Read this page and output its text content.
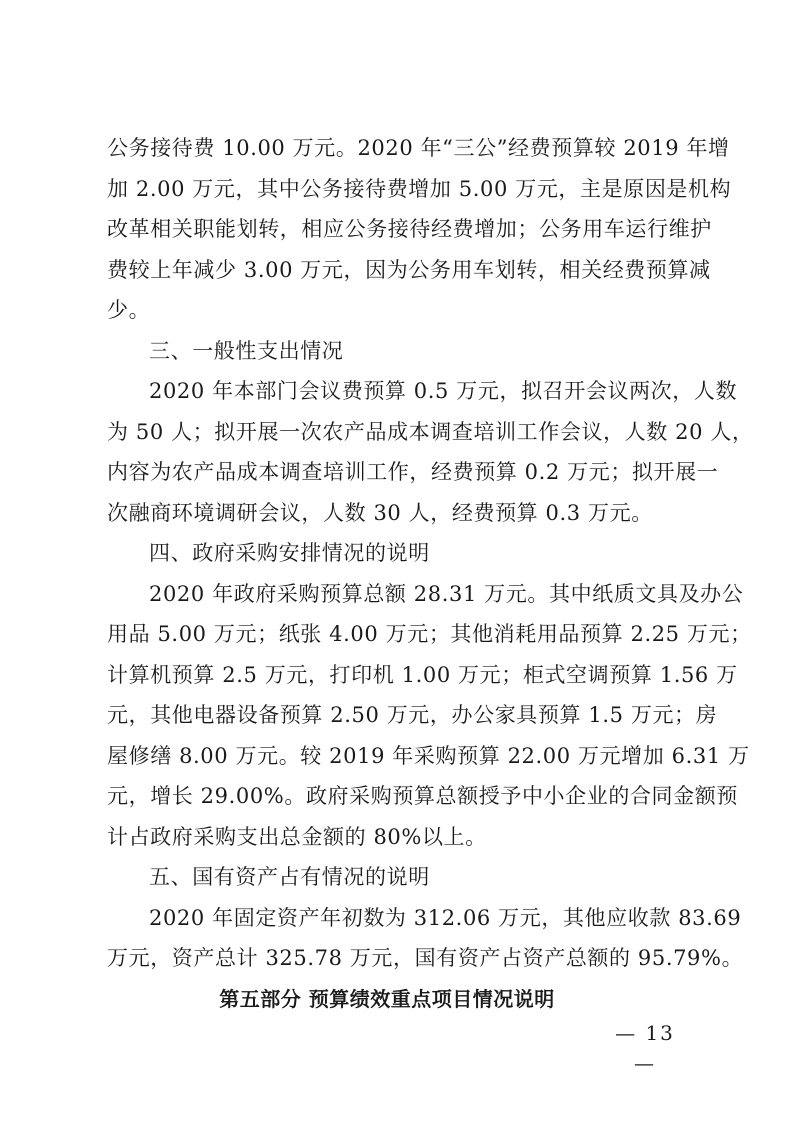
公务接待费 10.00 万元。2020 年“三公”经费预算较 2019 年增
加 2.00 万元，其中公务接待费增加 5.00 万元，主是原因是机构
改革相关职能划转，相应公务接待经费增加；公务用车运行维护
费较上年减少 3.00 万元，因为公务用车划转，相关经费预算减
少。
三、一般性支出情况
2020 年本部门会议费预算 0.5 万元，拟召开会议两次，人数
为 50 人；拟开展一次农产品成本调查培训工作会议，人数 20 人，
内容为农产品成本调查培训工作，经费预算 0.2 万元；拟开展一
次融商环境调研会议，人数 30 人，经费预算 0.3 万元。
四、政府采购安排情况的说明
2020 年政府采购预算总额 28.31 万元。其中纸质文具及办公
用品 5.00 万元；纸张 4.00 万元；其他消耗用品预算 2.25 万元；
计算机预算 2.5 万元，打印机 1.00 万元；柜式空调预算 1.56 万
元，其他电器设备预算 2.50 万元，办公家具预算 1.5 万元；房
屋修缮 8.00 万元。较 2019 年采购预算 22.00 万元增加 6.31 万
元，增长 29.00%。政府采购预算总额授予中小企业的合同金额预
计占政府采购支出总金额的 80%以上。
五、国有资产占有情况的说明
2020 年固定资产年初数为 312.06 万元，其他应收款 83.69
万元，资产总计 325.78 万元，国有资产占资产总额的 95.79%。
第五部分 预算绩效重点项目情况说明
— 13 —
